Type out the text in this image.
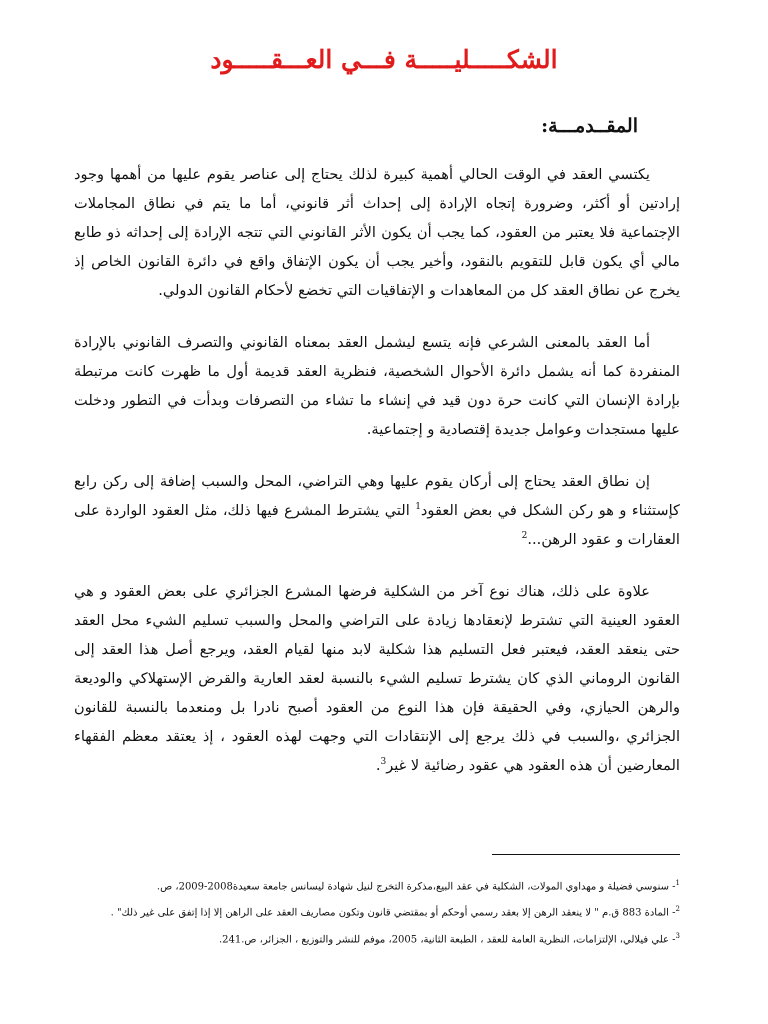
الشكـــــليـــــة فـــي العـــقـــــود
المقــدمـــة:

يكتسي العقد في الوقت الحالي أهمية كبيرة لذلك يحتاج إلى عناصر يقوم عليها من أهمها وجود إرادتين أو أكثر، وضرورة إتجاه الإرادة إلى إحداث أثر قانوني، أما ما يتم في نطاق المجاملات الإجتماعية فلا يعتبر من العقود، كما يجب أن يكون الأثر القانوني التي تتجه الإرادة إلى إحداثه ذو طابع مالي أي يكون قابل للتقويم بالنقود، وأخير يجب أن يكون الإتفاق واقع في دائرة القانون الخاص إذ يخرج عن نطاق العقد كل من المعاهدات و الإتفاقيات التي تخضع لأحكام القانون الدولي.

أما العقد بالمعنى الشرعي فإنه يتسع ليشمل العقد بمعناه القانوني والتصرف القانوني بالإرادة المنفردة كما أنه يشمل دائرة الأحوال الشخصية، فنظرية العقد قديمة أول ما ظهرت كانت مرتبطة بإرادة الإنسان التي كانت حرة دون قيد في إنشاء ما تشاء من التصرفات وبدأت في التطور ودخلت عليها مستجدات وعوامل جديدة إقتصادية و إجتماعية.

إن نطاق العقد يحتاج إلى أركان يقوم عليها وهي التراضي، المحل والسبب إضافة إلى ركن رابع كإستثناء و هو ركن الشكل في بعض العقود$^1$ التي يشترط المشرع فيها ذلك، مثل العقود الواردة على العقارات و عقود الرهن...$^2$

علاوة على ذلك، هناك نوع آخر من الشكلية فرضها المشرع الجزائري على بعض العقود و هي العقود العينية التي تشترط لإنعقادها زيادة على التراضي والمحل والسبب تسليم الشيء محل العقد حتى ينعقد العقد، فيعتبر فعل التسليم هذا شكلية لابد منها لقيام العقد، ويرجع أصل هذا العقد إلى القانون الروماني الذي كان يشترط تسليم الشيء بالنسبة لعقد العارية والقرض الإستهلاكي والوديعة والرهن الحيازي، وفي الحقيقة فإن هذا النوع من العقود أصبح نادرا بل ومنعدما بالنسبة للقانون الجزائري ،والسبب في ذلك يرجع إلى الإنتقادات التي وجهت لهذه العقود ، إذ يعتقد معظم الفقهاء المعارضين أن هذه العقود هي عقود رضائية لا غير$^3$.

$^1$- سنوسي فضيلة و مهداوي المولات، الشكلية في عقد البيع،مذكرة التخرج لنيل شهادة ليسانس جامعة سعيدة2008-2009، ص.

$^2$- المادة 883 ق.م " لا ينعقد الرهن إلا بعقد رسمي أوحكم أو بمقتضي قانون وتكون مصاريف العقد على الراهن إلا إذا إتفق على غير ذلك" .

$^3$- علي فيلالي، الإلتزامات، النظرية العامة للعقد ، الطبعة الثانية، 2005، موفم للنشر والتوزيع ، الجزائر، ص.241.
